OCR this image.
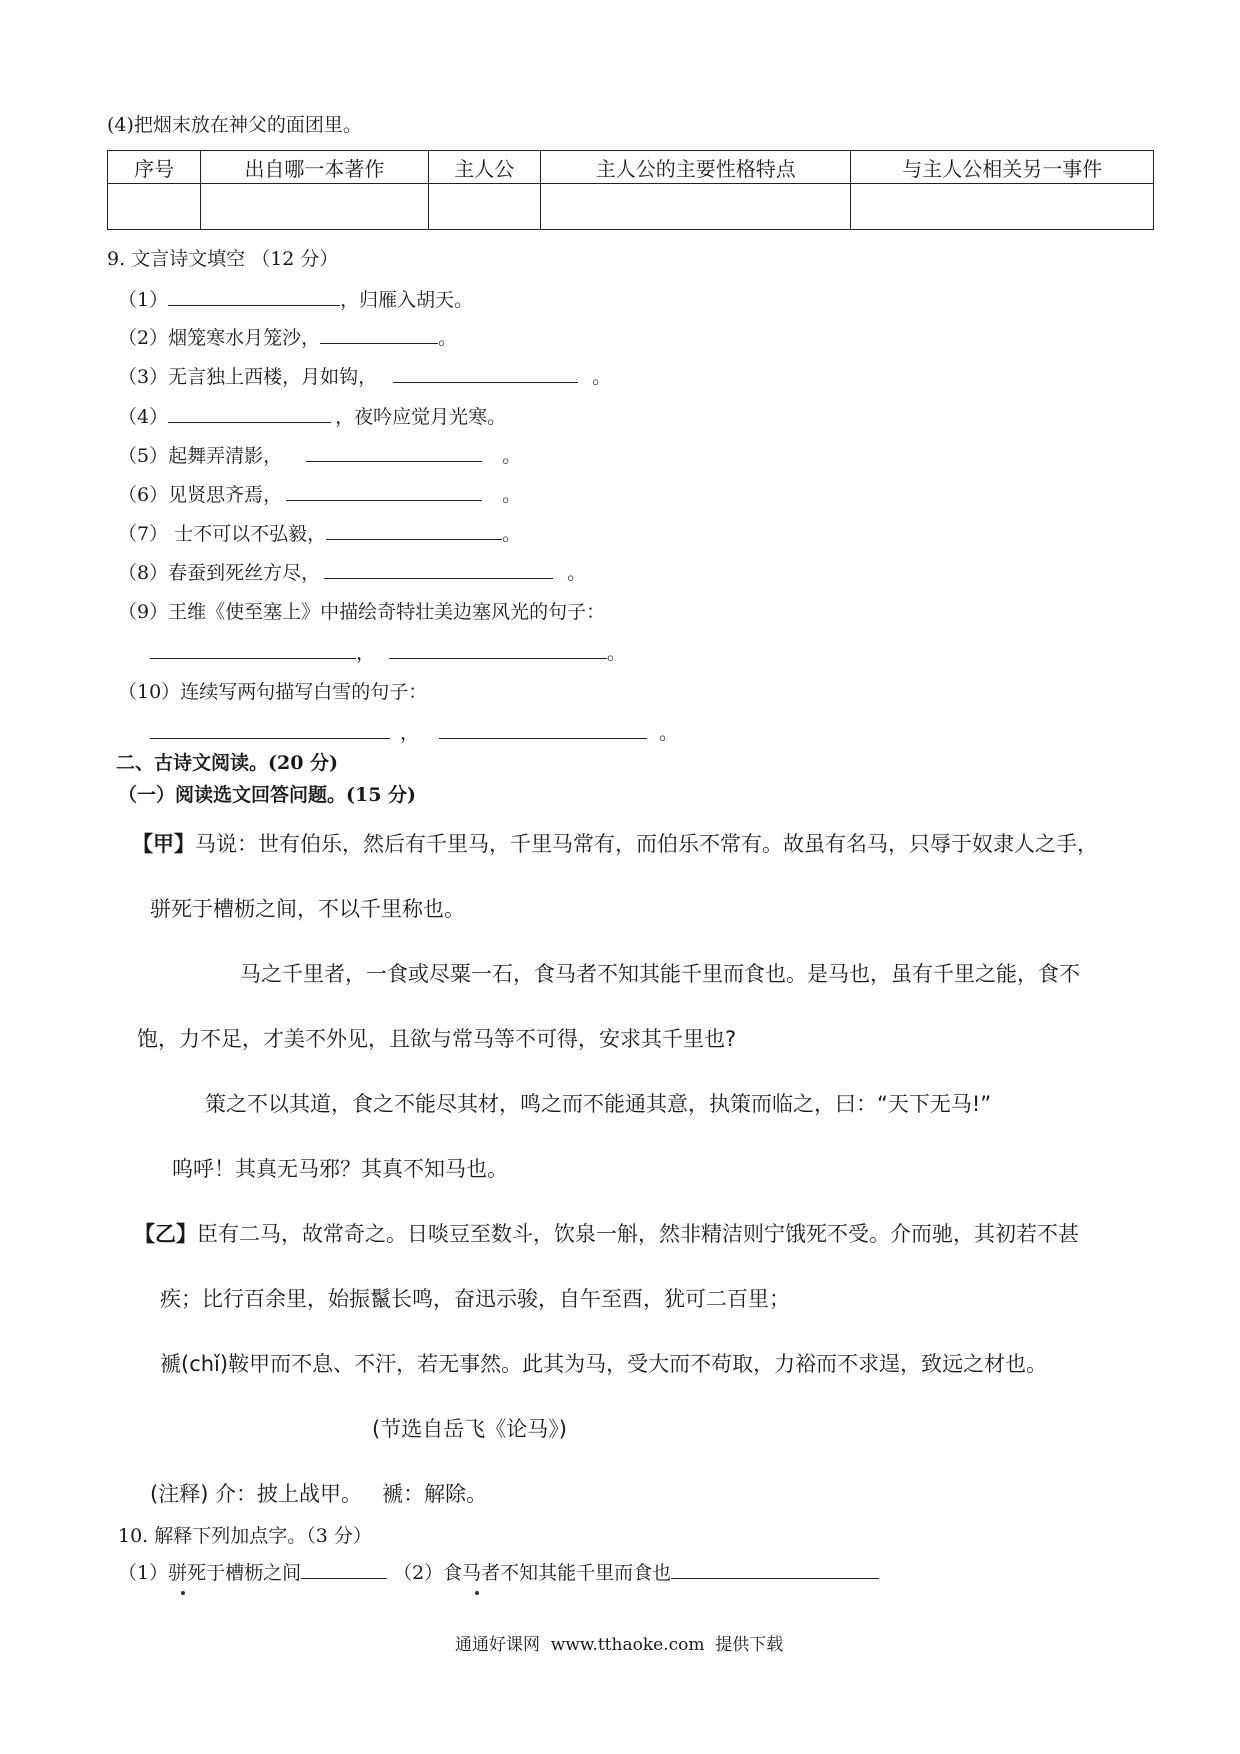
(4)把烟末放在神父的面团里。
序号	出自哪一本著作	主人公	主人公的主要性格特点	与主人公相关另一事件

9. 文言诗文填空 （12 分）
（1）	，归雁入胡天。
（2）烟笼寒水月笼沙，	。
（3）无言独上西楼，月如钩，	。
（4）	，夜吟应觉月光寒。
（5）起舞弄清影，	。
（6）见贤思齐焉，	。
（7） 士不可以不弘毅，	。
（8）春蚕到死丝方尽，	。
（9）王维《使至塞上》中描绘奇特壮美边塞风光的句子：
，	。
（10）连续写两句描写白雪的句子：
，	。
二、古诗文阅读。(20 分)
（一）阅读选文回答问题。(15 分)
【甲】马说：世有伯乐，然后有千里马，千里马常有，而伯乐不常有。故虽有名马，只辱于奴隶人之手，
骈死于槽枥之间，不以千里称也。
马之千里者，一食或尽粟一石，食马者不知其能千里而食也。是马也，虽有千里之能，食不
饱，力不足，才美不外见，且欲与常马等不可得，安求其千里也?
策之不以其道，食之不能尽其材，鸣之而不能通其意，执策而临之，曰：“天下无马!”
呜呼！其真无马邪？其真不知马也。
【乙】臣有二马，故常奇之。日啖豆至数斗，饮泉一斛，然非精洁则宁饿死不受。介而驰，其初若不甚
疾；比行百余里，始振鬣长鸣，奋迅示骏，自午至酉，犹可二百里；
褫(chǐ)鞍甲而不息、不汗，若无事然。此其为马，受大而不苟取，力裕而不求逞，致远之材也。
(节选自岳飞《论马》)
(注释) 介：披上战甲。   褫：解除。
10. 解释下列加点字。（3 分）
（1）骈死于槽枥之间	（2）食马者不知其能千里而食也
通通好课网  www.tthaoke.com  提供下载
